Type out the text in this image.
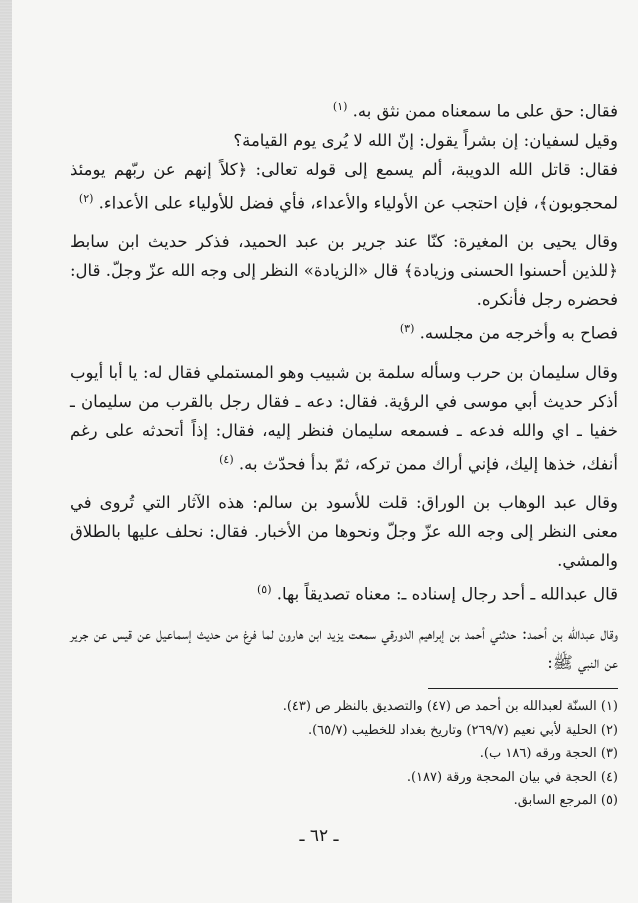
فقال: حق على ما سمعناه ممن نثق به. $^{(١)}$

وقيل لسفيان: إن بشراً يقول: إنّ الله لا يُرى يوم القيامة؟

فقال: قاتل الله الدويبة، ألم يسمع إلى قوله تعالى: ﴿كلاً إنهم عن ربّهم يومئذ لمحجوبون﴾، فإن احتجب عن الأولياء والأعداء، فأي فضل للأولياء على الأعداء. $^{(٢)}$

وقال يحيى بن المغيرة: كنّا عند جرير بن عبد الحميد، فذكر حديث ابن سابط ﴿للذين أحسنوا الحسنى وزيادة﴾ قال «الزيادة» النظر إلى وجه الله عزّ وجلّ. قال: فحضره رجل فأنكره.

فصاح به وأخرجه من مجلسه. $^{(٣)}$

وقال سليمان بن حرب وسأله سلمة بن شبيب وهو المستملي فقال له: يا أبا أيوب أذكر حديث أبي موسى في الرؤية. فقال: دعه ـ فقال رجل بالقرب من سليمان ـ خفيا ـ اي والله فدعه ـ فسمعه سليمان فنظر إليه، فقال: إذاً أتحدثه على رغم أنفك، خذها إليك، فإني أراك ممن تركه، ثمّ بدأ فحدّث به. $^{(٤)}$

وقال عبد الوهاب بن الوراق: قلت للأسود بن سالم: هذه الآثار التي تُروى في معنى النظر إلى وجه الله عزّ وجلّ ونحوها من الأخبار. فقال: نحلف عليها بالطلاق والمشي.

قال عبدالله ـ أحد رجال إسناده ـ: معناه تصديقاً بها. $^{(٥)}$

وقال عبدالله بن أحمد: حدثني أحمد بن إبراهيم الدورقي سمعت يزيد ابن هارون لما فرغ من حديث إسماعيل عن قيس عن جرير عن النبي ﷺ:

(١) السنّة لعبدالله بن أحمد ص (٤٧) والتصديق بالنظر ص (٤٣).

(٢) الحلية لأبي نعيم (٢٦٩/٧) وتاريخ بغداد للخطيب (٦٥/٧).

(٣) الحجة ورقه (١٨٦ ب).

(٤) الحجة في بيان المحجة ورقة (١٨٧).

(٥) المرجع السابق.

ـ ٦٢ ـ
